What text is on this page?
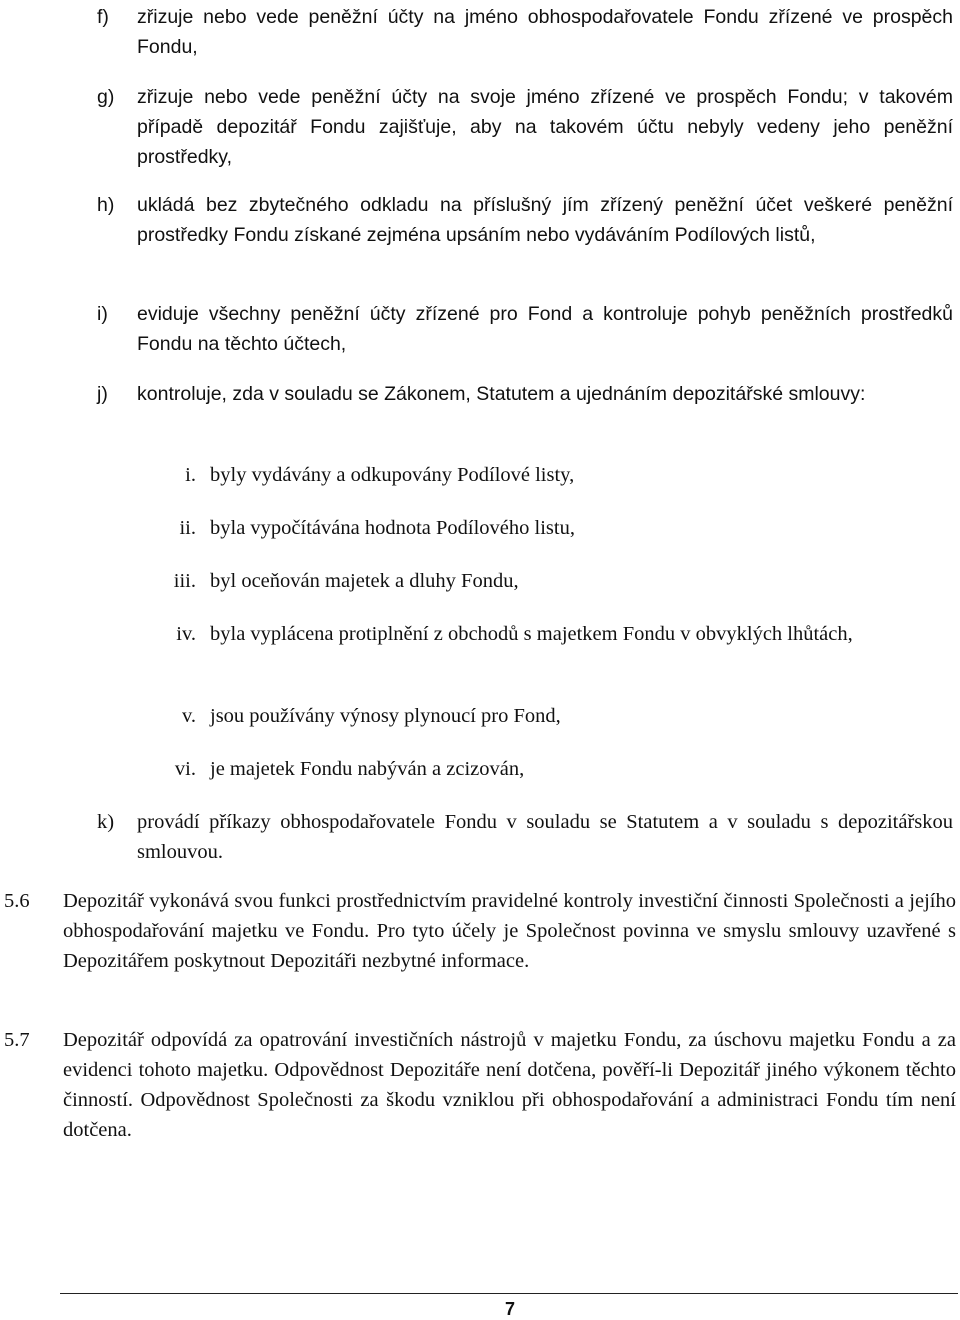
f) zřizuje nebo vede peněžní účty na jméno obhospodařovatele Fondu zřízené ve prospěch Fondu,
g) zřizuje nebo vede peněžní účty na svoje jméno zřízené ve prospěch Fondu; v takovém případě depozitář Fondu zajišťuje, aby na takovém účtu nebyly vedeny jeho peněžní prostředky,
h) ukládá bez zbytečného odkladu na příslušný jím zřízený peněžní účet veškeré peněžní prostředky Fondu získané zejména upsáním nebo vydáváním Podílových listů,
i) eviduje všechny peněžní účty zřízené pro Fond a kontroluje pohyb peněžních prostředků Fondu na těchto účtech,
j) kontroluje, zda v souladu se Zákonem, Statutem a ujednáním depozitářské smlouvy:
i. byly vydávány a odkupovány Podílové listy,
ii. byla vypočítávána hodnota Podílového listu,
iii. byl oceňován majetek a dluhy Fondu,
iv. byla vyplácena protiplnění z obchodů s majetkem Fondu v obvyklých lhůtách,
v. jsou používány výnosy plynoucí pro Fond,
vi. je majetek Fondu nabýván a zcizován,
k) provádí příkazy obhospodařovatele Fondu v souladu se Statutem a v souladu s depozitářskou smlouvou.
5.6 Depozitář vykonává svou funkci prostřednictvím pravidelné kontroly investiční činnosti Společnosti a jejího obhospodařování majetku ve Fondu. Pro tyto účely je Společnost povinna ve smyslu smlouvy uzavřené s Depozitářem poskytnout Depozitáři nezbytné informace.
5.7 Depozitář odpovídá za opatrování investičních nástrojů v majetku Fondu, za úschovu majetku Fondu a za evidenci tohoto majetku. Odpovědnost Depozitáře není dotčena, pověří-li Depozitář jiného výkonem těchto činností. Odpovědnost Společnosti za škodu vzniklou při obhospodařování a administraci Fondu tím není dotčena.
7
